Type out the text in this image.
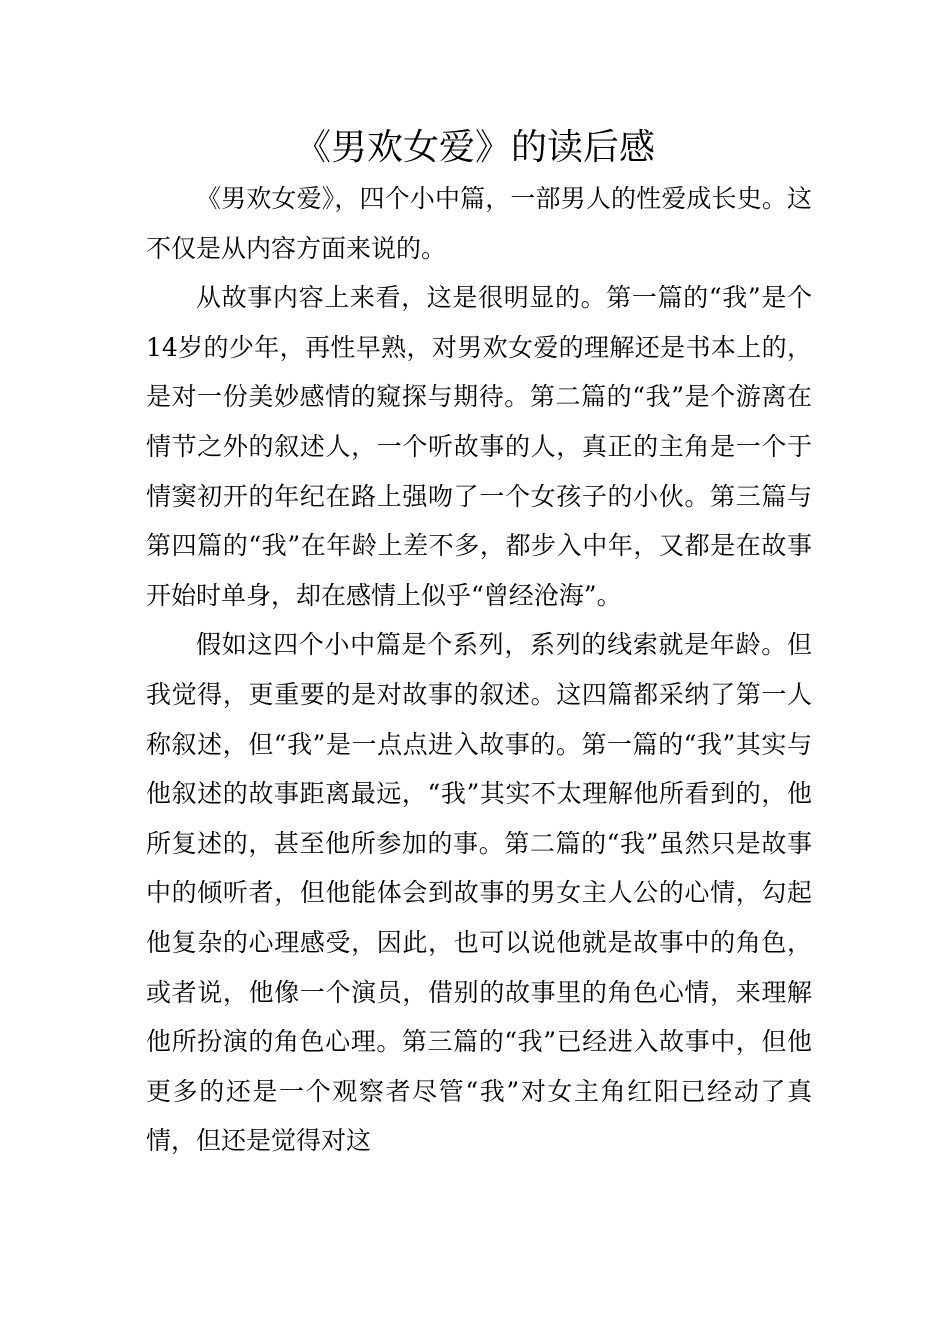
《男欢女爱》的读后感

《男欢女爱》，四个小中篇，一部男人的性爱成长史。这不仅是从内容方面来说的。

从故事内容上来看，这是很明显的。第一篇的“我”是个14岁的少年，再性早熟，对男欢女爱的理解还是书本上的，是对一份美妙感情的窥探与期待。第二篇的“我”是个游离在情节之外的叙述人，一个听故事的人，真正的主角是一个于情窦初开的年纪在路上强吻了一个女孩子的小伙。第三篇与第四篇的“我”在年龄上差不多，都步入中年，又都是在故事开始时单身，却在感情上似乎“曾经沧海”。

假如这四个小中篇是个系列，系列的线索就是年龄。但我觉得，更重要的是对故事的叙述。这四篇都采纳了第一人称叙述，但“我”是一点点进入故事的。第一篇的“我”其实与他叙述的故事距离最远，“我”其实不太理解他所看到的，他所复述的，甚至他所参加的事。第二篇的“我”虽然只是故事中的倾听者，但他能体会到故事的男女主人公的心情，勾起他复杂的心理感受，因此，也可以说他就是故事中的角色，或者说，他像一个演员，借别的故事里的角色心情，来理解他所扮演的角色心理。第三篇的“我”已经进入故事中，但他更多的还是一个观察者尽管“我”对女主角红阳已经动了真情，但还是觉得对这
